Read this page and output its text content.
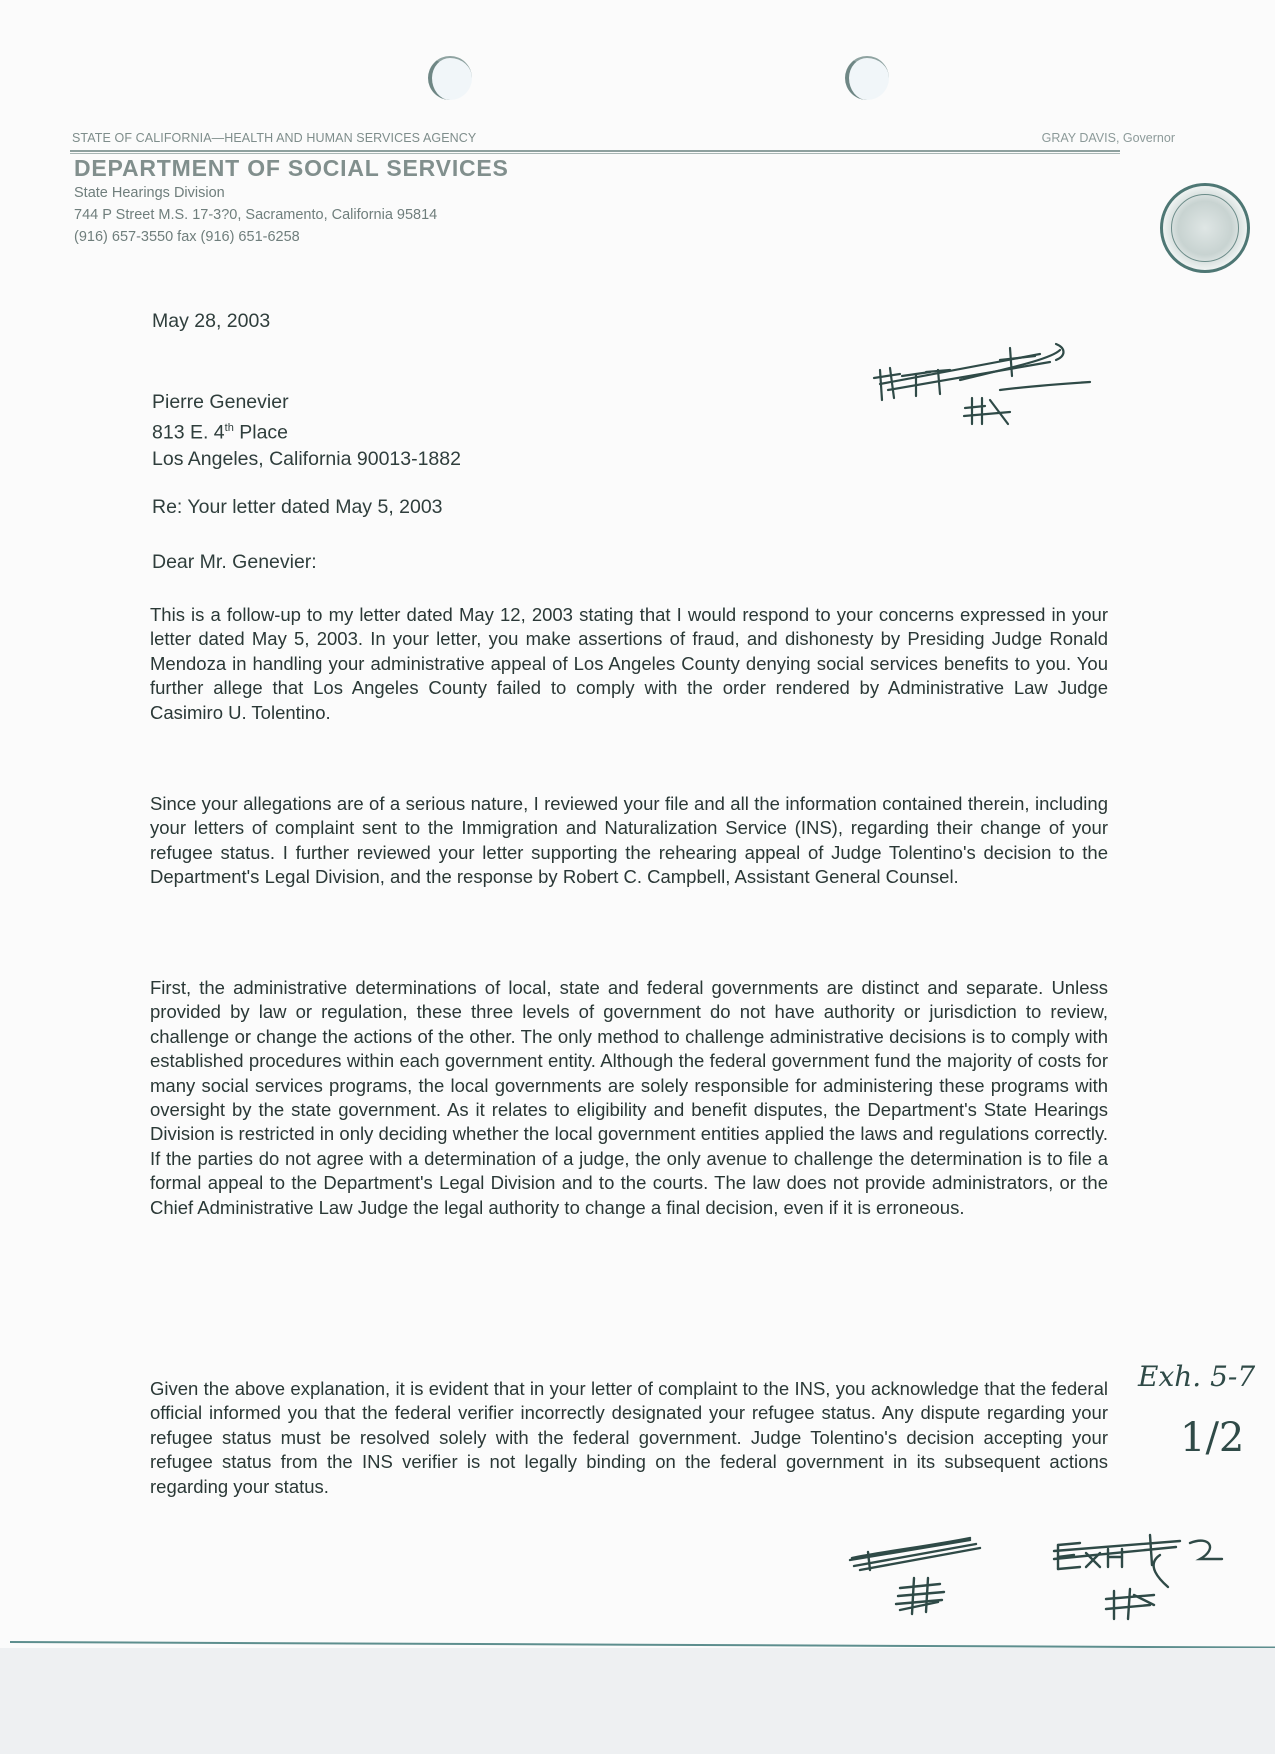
STATE OF CALIFORNIA—HEALTH AND HUMAN SERVICES AGENCY	GRAY DAVIS, Governor
DEPARTMENT OF SOCIAL SERVICES
State Hearings Division
744 P Street M.S. 17-3?0, Sacramento, California 95814
(916) 657-3550 fax (916) 651-6258
May 28, 2003
Pierre Genevier
813 E. 4th Place
Los Angeles, California 90013-1882
Re: Your letter dated May 5, 2003
Dear Mr. Genevier:
This is a follow-up to my letter dated May 12, 2003 stating that I would respond to your concerns expressed in your letter dated May 5, 2003. In your letter, you make assertions of fraud, and dishonesty by Presiding Judge Ronald Mendoza in handling your administrative appeal of Los Angeles County denying social services benefits to you. You further allege that Los Angeles County failed to comply with the order rendered by Administrative Law Judge Casimiro U. Tolentino.
Since your allegations are of a serious nature, I reviewed your file and all the information contained therein, including your letters of complaint sent to the Immigration and Naturalization Service (INS), regarding their change of your refugee status. I further reviewed your letter supporting the rehearing appeal of Judge Tolentino's decision to the Department's Legal Division, and the response by Robert C. Campbell, Assistant General Counsel.
First, the administrative determinations of local, state and federal governments are distinct and separate. Unless provided by law or regulation, these three levels of government do not have authority or jurisdiction to review, challenge or change the actions of the other. The only method to challenge administrative decisions is to comply with established procedures within each government entity. Although the federal government fund the majority of costs for many social services programs, the local governments are solely responsible for administering these programs with oversight by the state government. As it relates to eligibility and benefit disputes, the Department's State Hearings Division is restricted in only deciding whether the local government entities applied the laws and regulations correctly. If the parties do not agree with a determination of a judge, the only avenue to challenge the determination is to file a formal appeal to the Department's Legal Division and to the courts. The law does not provide administrators, or the Chief Administrative Law Judge the legal authority to change a final decision, even if it is erroneous.
Given the above explanation, it is evident that in your letter of complaint to the INS, you acknowledge that the federal official informed you that the federal verifier incorrectly designated your refugee status. Any dispute regarding your refugee status must be resolved solely with the federal government. Judge Tolentino's decision accepting your refugee status from the INS verifier is not legally binding on the federal government in its subsequent actions regarding your status.
Exh. 5-7
1/2
